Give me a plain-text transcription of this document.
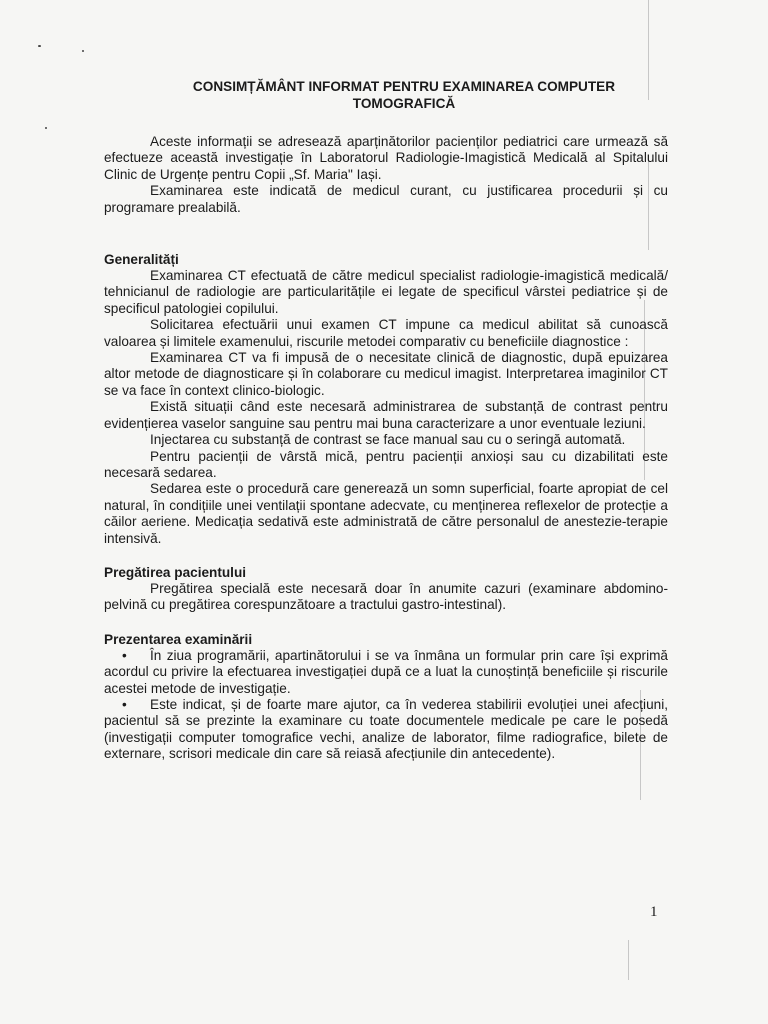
CONSIMȚĂMÂNT INFORMAT PENTRU EXAMINAREA COMPUTER TOMOGRAFICĂ

Aceste informații se adresează aparținătorilor pacienților pediatrici care urmează să efectueze această investigație în Laboratorul Radiologie-Imagistică Medicală al Spitalului Clinic de Urgențe pentru Copii „Sf. Maria" Iași.

Examinarea este indicată de medicul curant, cu justificarea procedurii și cu programare prealabilă.

Generalități

Examinarea CT efectuată de către medicul specialist radiologie-imagistică medicală/ tehnicianul de radiologie are particularitățile ei legate de specificul vârstei pediatrice și de specificul patologiei copilului.

Solicitarea efectuării unui examen CT impune ca medicul abilitat să cunoască valoarea și limitele examenului, riscurile metodei comparativ cu beneficiile diagnostice :

Examinarea CT va fi impusă de o necesitate clinică de diagnostic, după epuizarea altor metode de diagnosticare și în colaborare cu medicul imagist. Interpretarea imaginilor CT se va face în context clinico-biologic.

Există situații când este necesară administrarea de substanță de contrast pentru evidențierea vaselor sanguine sau pentru mai buna caracterizare a unor eventuale leziuni.

Injectarea cu substanță de contrast se face manual sau cu o seringă automată.

Pentru pacienții de vârstă mică, pentru pacienții anxioși sau cu dizabilitati este necesară sedarea.

Sedarea este o procedură care generează un somn superficial, foarte apropiat de cel natural, în condițiile unei ventilații spontane adecvate, cu menținerea reflexelor de protecție a căilor aeriene. Medicația sedativă este administrată de către personalul de anestezie-terapie intensivă.

Pregătirea pacientului

Pregătirea specială este necesară doar în anumite cazuri (examinare abdomino-pelvină cu pregătirea corespunzătoare a tractului gastro-intestinal).

Prezentarea examinării
• În ziua programării, apartinătorului i se va înmâna un formular prin care își exprimă acordul cu privire la efectuarea investigației după ce a luat la cunoștință beneficiile și riscurile acestei metode de investigație.
• Este indicat, și de foarte mare ajutor, ca în vederea stabilirii evoluției unei afecțiuni, pacientul să se prezinte la examinare cu toate documentele medicale pe care le posedă (investigații computer tomografice vechi, analize de laborator, filme radiografice, bilete de externare, scrisori medicale din care să reiasă afecțiunile din antecedente).
1
